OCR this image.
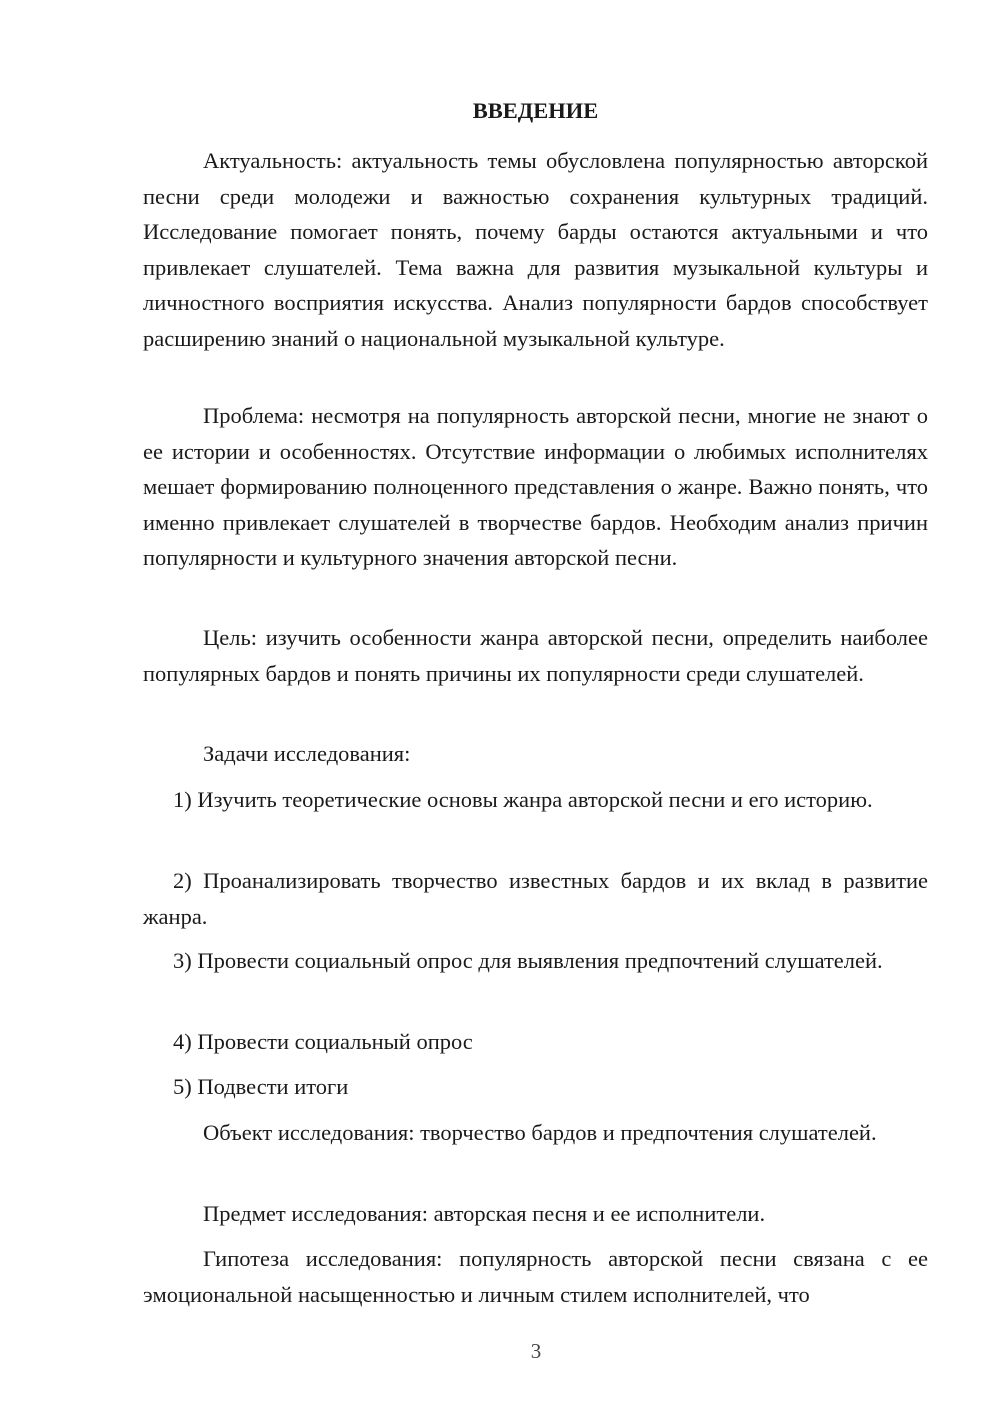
ВВЕДЕНИЕ

Актуальность: актуальность темы обусловлена популярностью авторской песни среди молодежи и важностью сохранения культурных традиций. Исследование помогает понять, почему барды остаются актуальными и что привлекает слушателей. Тема важна для развития музыкальной культуры и личностного восприятия искусства. Анализ популярности бардов способствует расширению знаний о национальной музыкальной культуре.

Проблема: несмотря на популярность авторской песни, многие не знают о ее истории и особенностях. Отсутствие информации о любимых исполнителях мешает формированию полноценного представления о жанре. Важно понять, что именно привлекает слушателей в творчестве бардов. Необходим анализ причин популярности и культурного значения авторской песни.

Цель: изучить особенности жанра авторской песни, определить наиболее популярных бардов и понять причины их популярности среди слушателей.

Задачи исследования:

1) Изучить теоретические основы жанра авторской песни и его историю.

2) Проанализировать творчество известных бардов и их вклад в развитие жанра.

3) Провести социальный опрос для выявления предпочтений слушателей.

4) Провести социальный опрос

5) Подвести итоги

Объект исследования: творчество бардов и предпочтения слушателей.

Предмет исследования: авторская песня и ее исполнители.

Гипотеза исследования: популярность авторской песни связана с ее эмоциональной насыщенностью и личным стилем исполнителей, что

3
